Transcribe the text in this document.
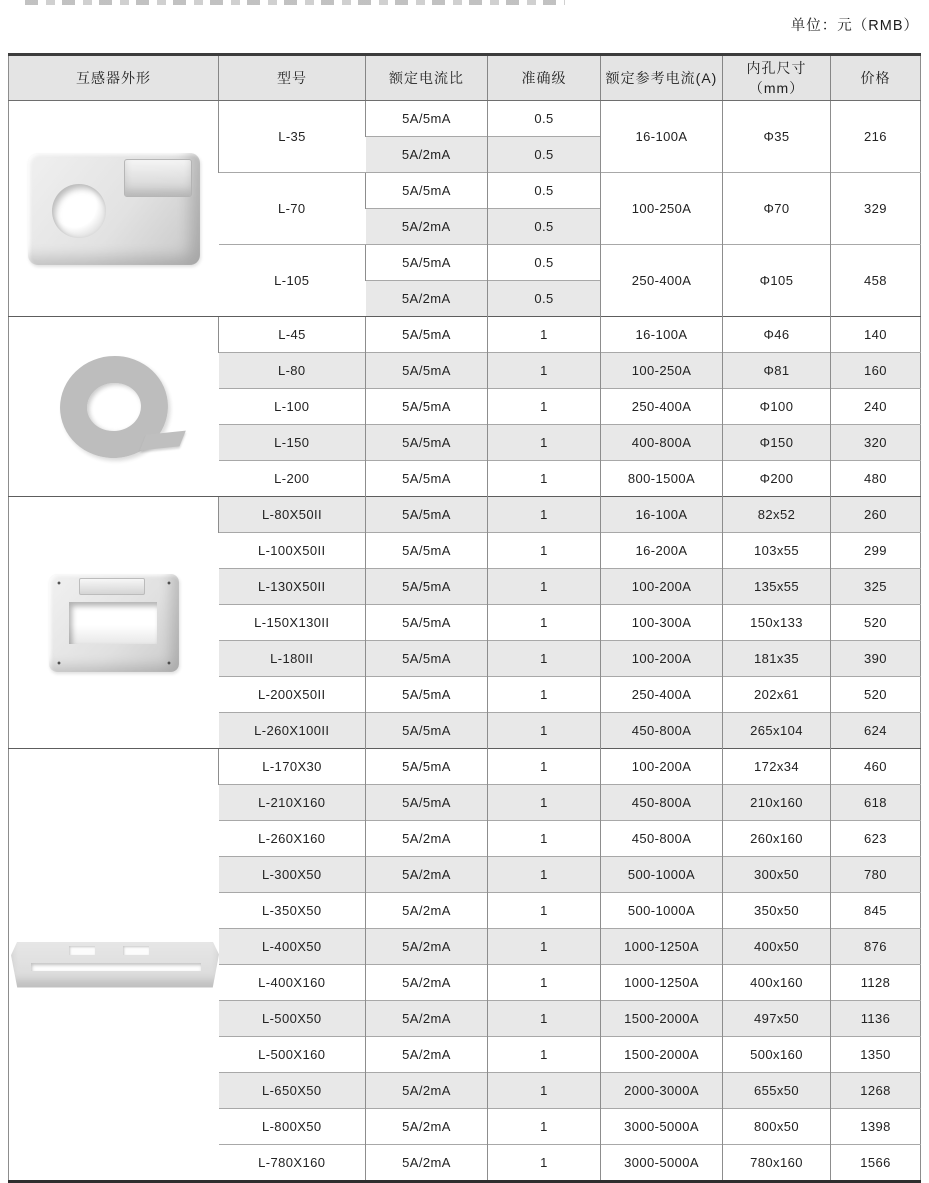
单位：元（RMB）
互感器外形	型号	额定电流比	准确级	额定参考电流(A)	内孔尺寸（mm）	价格

	L-35	5A/5mA	0.5	16-100A	Φ35	216
		5A/2mA	0.5			
	L-70	5A/5mA	0.5	100-250A	Φ70	329
		5A/2mA	0.5			
	L-105	5A/5mA	0.5	250-400A	Φ105	458
		5A/2mA	0.5			

	L-45	5A/5mA	1	16-100A	Φ46	140
	L-80	5A/5mA	1	100-250A	Φ81	160
	L-100	5A/5mA	1	250-400A	Φ100	240
	L-150	5A/5mA	1	400-800A	Φ150	320
	L-200	5A/5mA	1	800-1500A	Φ200	480

	L-80X50II	5A/5mA	1	16-100A	82x52	260
	L-100X50II	5A/5mA	1	16-200A	103x55	299
	L-130X50II	5A/5mA	1	100-200A	135x55	325
	L-150X130II	5A/5mA	1	100-300A	150x133	520
	L-180II	5A/5mA	1	100-200A	181x35	390
	L-200X50II	5A/5mA	1	250-400A	202x61	520
	L-260X100II	5A/5mA	1	450-800A	265x104	624

	L-170X30	5A/5mA	1	100-200A	172x34	460
	L-210X160	5A/5mA	1	450-800A	210x160	618
	L-260X160	5A/2mA	1	450-800A	260x160	623
	L-300X50	5A/2mA	1	500-1000A	300x50	780
	L-350X50	5A/2mA	1	500-1000A	350x50	845
	L-400X50	5A/2mA	1	1000-1250A	400x50	876
	L-400X160	5A/2mA	1	1000-1250A	400x160	1128
	L-500X50	5A/2mA	1	1500-2000A	497x50	1136
	L-500X160	5A/2mA	1	1500-2000A	500x160	1350
	L-650X50	5A/2mA	1	2000-3000A	655x50	1268
	L-800X50	5A/2mA	1	3000-5000A	800x50	1398
	L-780X160	5A/2mA	1	3000-5000A	780x160	1566
